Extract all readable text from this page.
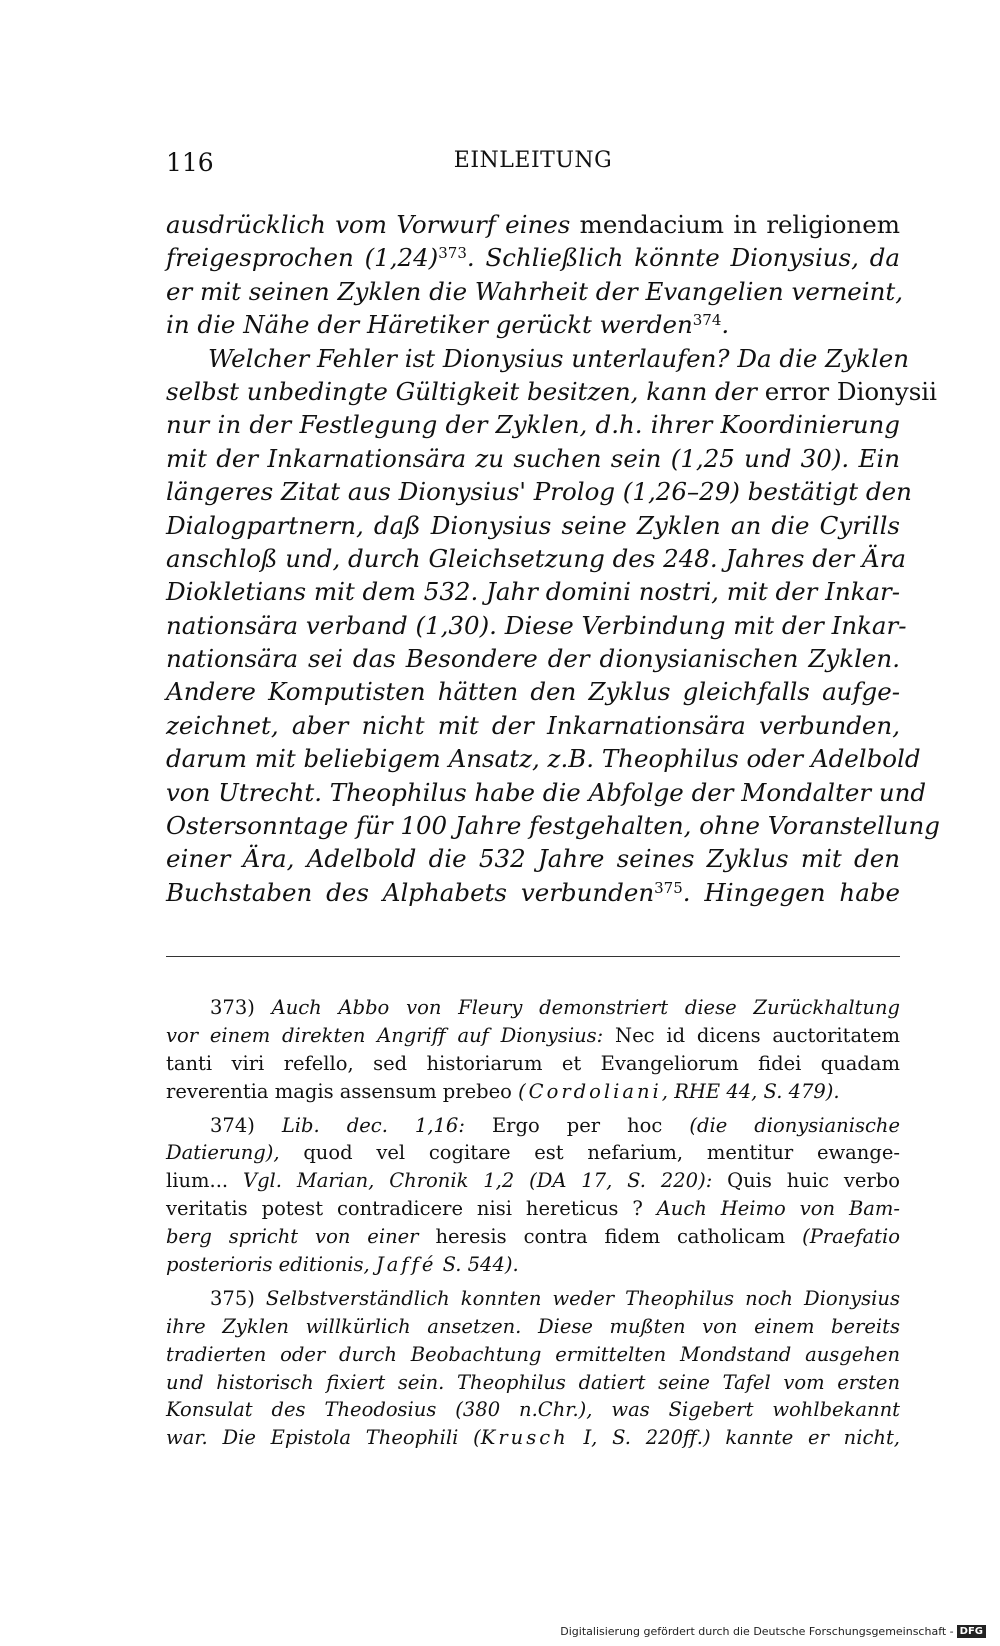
116	EINLEITUNG
ausdrücklich vom Vorwurf eines mendacium in religionem
freigesprochen $(1,24)^{373}$. Schließlich könnte Dionysius, da
er mit seinen Zyklen die Wahrheit der Evangelien verneint,
in die Nähe der Häretiker gerückt werden$^{374}$.
Welcher Fehler ist Dionysius unterlaufen? Da die Zyklen
selbst unbedingte Gültigkeit besitzen, kann der error Dionysii
nur in der Festlegung der Zyklen, d.h. ihrer Koordinierung
mit der Inkarnationsära zu suchen sein (1,25 und 30). Ein
längeres Zitat aus Dionysius' Prolog (1,26–29) bestätigt den
Dialogpartnern, daß Dionysius seine Zyklen an die Cyrills
anschloß und, durch Gleichsetzung des 248. Jahres der Ära
Diokletians mit dem 532. Jahr domini nostri, mit der Inkar-
nationsära verband (1,30). Diese Verbindung mit der Inkar-
nationsära sei das Besondere der dionysianischen Zyklen.
Andere Komputisten hätten den Zyklus gleichfalls aufge-
zeichnet, aber nicht mit der Inkarnationsära verbunden,
darum mit beliebigem Ansatz, z.B. Theophilus oder Adelbold
von Utrecht. Theophilus habe die Abfolge der Mondalter und
Ostersonntage für 100 Jahre festgehalten, ohne Voranstellung
einer Ära, Adelbold die 532 Jahre seines Zyklus mit den
Buchstaben des Alphabets verbunden$^{375}$. Hingegen habe
373) Auch Abbo von Fleury demonstriert diese Zurückhaltung
vor einem direkten Angriff auf Dionysius: Nec id dicens auctoritatem
tanti viri refello, sed historiarum et Evangeliorum fidei quadam
reverentia magis assensum prebeo (Cordoliani, RHE 44, S. 479).
374) Lib. dec. 1,16: Ergo per hoc (die dionysianische
Datierung), quod vel cogitare est nefarium, mentitur ewange-
lium... Vgl. Marian, Chronik 1,2 (DA 17, S. 220): Quis huic verbo
veritatis potest contradicere nisi hereticus ? Auch Heimo von Bam-
berg spricht von einer heresis contra fidem catholicam (Praefatio
posterioris editionis, Jaffé S. 544).
375) Selbstverständlich konnten weder Theophilus noch Dionysius
ihre Zyklen willkürlich ansetzen. Diese mußten von einem bereits
tradierten oder durch Beobachtung ermittelten Mondstand ausgehen
und historisch fixiert sein. Theophilus datiert seine Tafel vom ersten
Konsulat des Theodosius (380 n.Chr.), was Sigebert wohlbekannt
war. Die Epistola Theophili (Krusch I, S. 220ff.) kannte er nicht,
Digitalisierung gefördert durch die Deutsche Forschungsgemeinschaft - DFG
